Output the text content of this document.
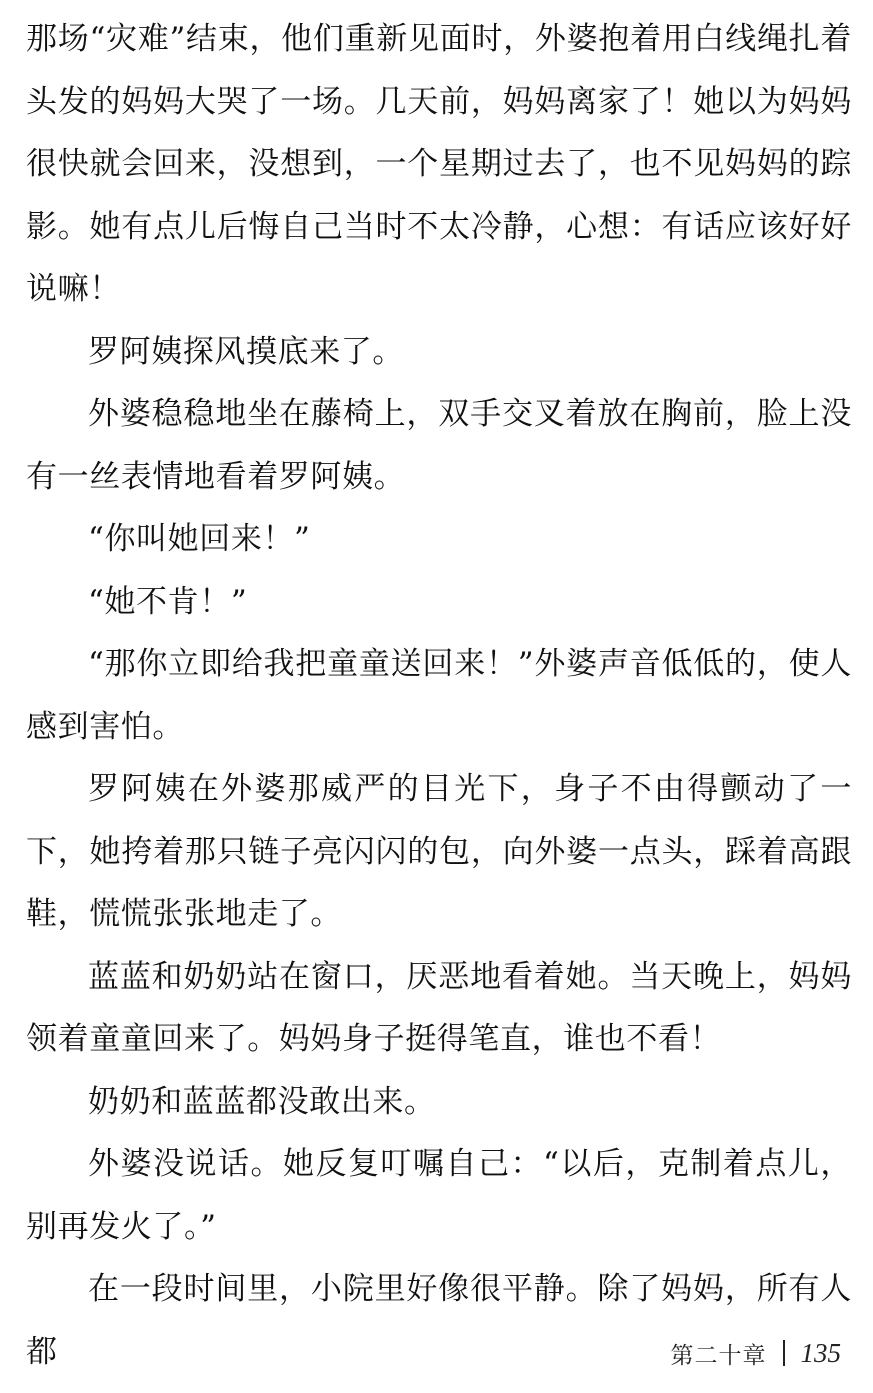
那场“灾难”结束，他们重新见面时，外婆抱着用白线绳扎着头发的妈妈大哭了一场。几天前，妈妈离家了！她以为妈妈很快就会回来，没想到，一个星期过去了，也不见妈妈的踪影。她有点儿后悔自己当时不太冷静，心想：有话应该好好说嘛！

罗阿姨探风摸底来了。

外婆稳稳地坐在藤椅上，双手交叉着放在胸前，脸上没有一丝表情地看着罗阿姨。

“你叫她回来！”

“她不肯！”

“那你立即给我把童童送回来！”外婆声音低低的，使人感到害怕。

罗阿姨在外婆那威严的目光下，身子不由得颤动了一下，她挎着那只链子亮闪闪的包，向外婆一点头，踩着高跟鞋，慌慌张张地走了。

蓝蓝和奶奶站在窗口，厌恶地看着她。当天晚上，妈妈领着童童回来了。妈妈身子挺得笔直，谁也不看！

奶奶和蓝蓝都没敢出来。

外婆没说话。她反复叮嘱自己：“以后，克制着点儿，别再发火了。”

在一段时间里，小院里好像很平静。除了妈妈，所有人都	第二十章 135
